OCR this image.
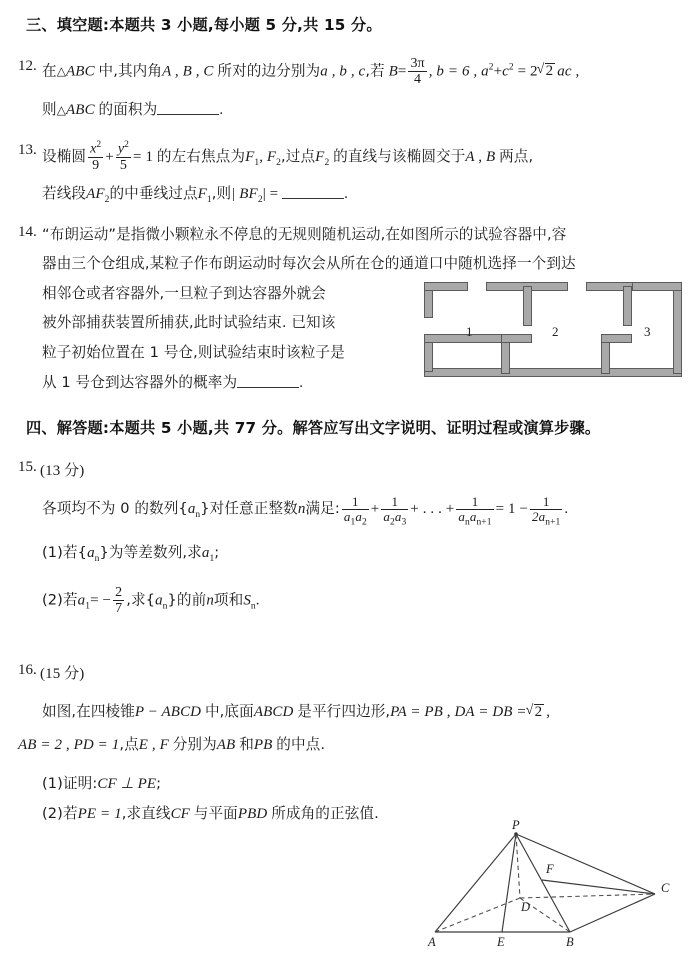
三、填空题:本题共 3 小题,每小题 5 分,共 15 分。
12. 在 △ ABC 中,其内角A , B , C 所对的边分别为a , b , c,若 $B= \frac{3\pi}{4}$ , b = 6 , $a^2+c^2 = 2$ √ 2 ac ,
则 △ ABC 的面积为	.
13. 设椭圆 $\frac{x^2}{9} + \frac{y^2}{5} = 1$ 的左右焦点为$F_1$, $F_2$,过点$F_2$ 的直线与该椭圆交于A , B 两点,
若线段$AF_2$的中垂线过点$F_1$,则| $BF_2|$ =	.
14. “布朗运动”是指微小颗粒永不停息的无规则随机运动,在如图所示的试验容器中,容
器由三个仓组成,某粒子作布朗运动时每次会从所在仓的通道口中随机选择一个到达
相邻仓或者容器外,一旦粒子到达容器外就会
被外部捕获装置所捕获,此时试验结束. 已知该
粒子初始位置在 1 号仓,则试验结束时该粒子是
从 1 号仓到达容器外的概率为	.
1	2	3
四、解答题:本题共 5 小题,共 77 分。解答应写出文字说明、证明过程或演算步骤。
15. (13 分)
各项均不为 0 的数列$\{a_n\}$对任意正整数n满足: $\frac{1}{a_1a_2} + \frac{1}{a_2a_3}$ + . . . + $\frac{1}{a_na_{n+1}} = 1 - \frac{1}{2a_{n+1}}$ .
(1)若$\{a_n\}$为等差数列,求$a_1$;
(2)若$a_1= - \frac{2}{7}$ ,求$\{a_n\}$的前n项和$S_n$.
16. (15 分)
如图,在四棱锥P − ABCD 中,底面ABCD 是平行四边形,PA = PB , DA = DB = √ 2 ,
AB = 2 , PD = 1,点E , F 分别为AB 和PB 的中点.
(1)证明:CF ⊥ PE;
(2)若PE = 1,求直线CF 与平面PBD 所成角的正弦值.
P
F
C
D
A	E	B
